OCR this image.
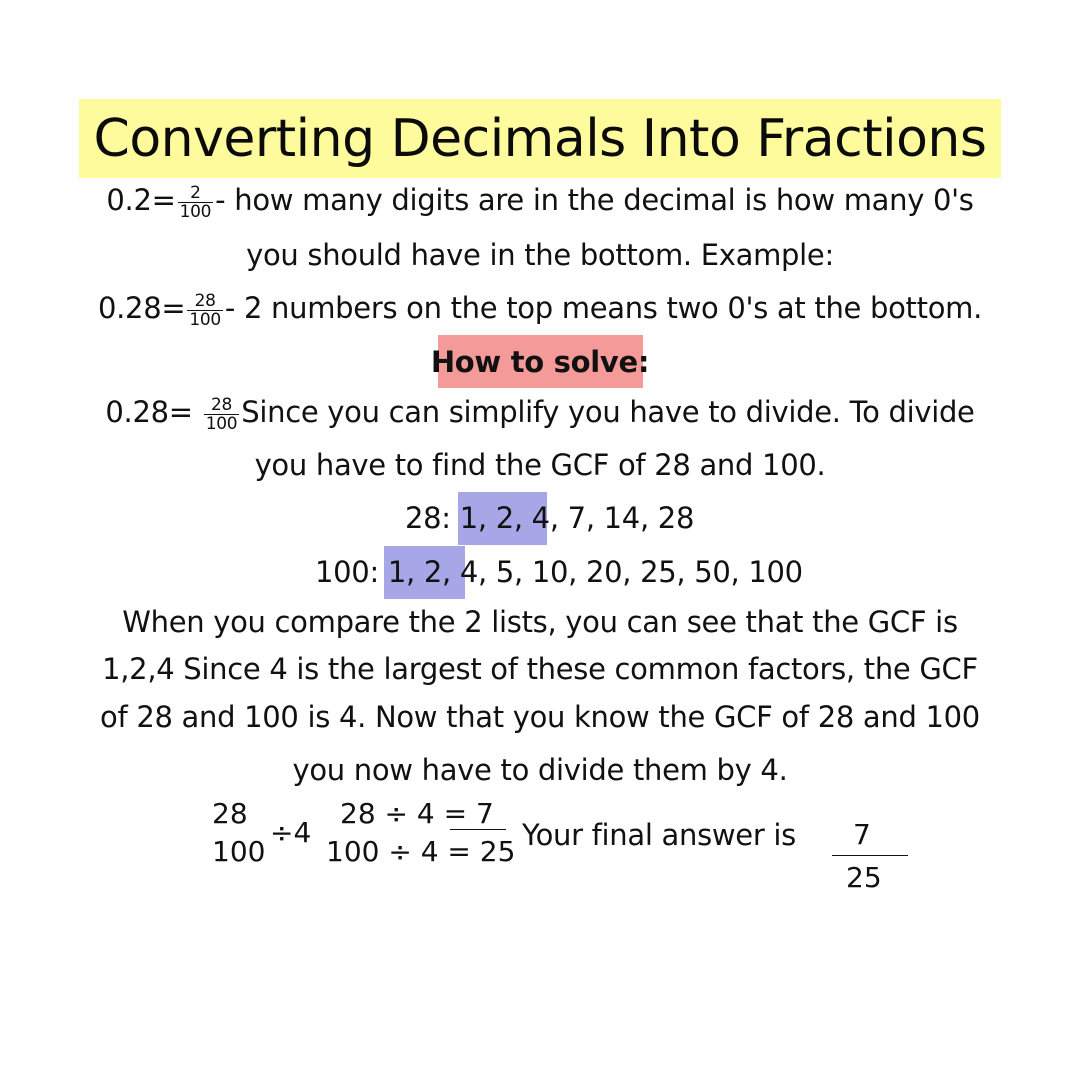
Converting Decimals Into Fractions
$0.2= \frac{2}{100}$ - how many digits are in the decimal is how many 0's
you should have in the bottom. Example:
$0.28= \frac{28}{100} - 2$ numbers on the top means two 0's at the bottom.
How to solve:
$0.28= \frac{28}{100}$ Since you can simplify you have to divide. To divide
you have to find the GCF of 28 and 100.
28: 1, 2, 4, 7, 14, 28
100: 1, 2, 4, 5, 10, 20, 25, 50, 100
When you compare the 2 lists, you can see that the GCF is
1,2,4 Since 4 is the largest of these common factors, the GCF
of 28 and 100 is 4. Now that you know the GCF of 28 and 100
you now have to divide them by 4.
28
100
÷4
28 ÷ 4 = 7
100 ÷ 4 = 25 Your final answer is 7
25
